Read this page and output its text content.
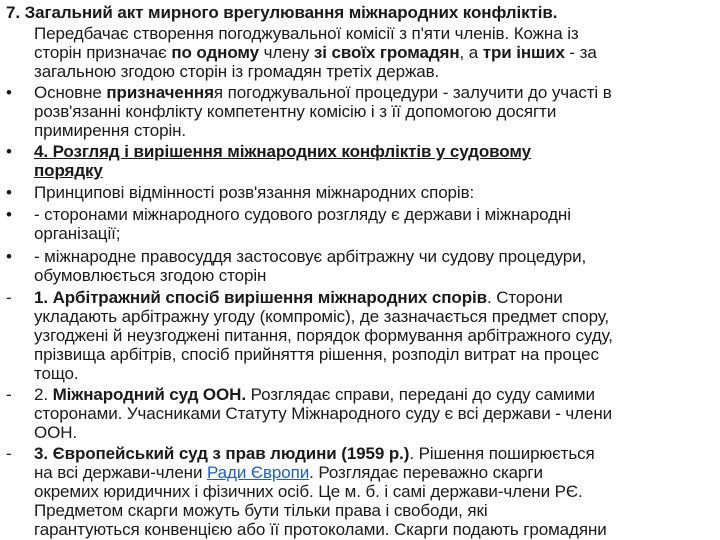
7. Загальний акт мирного врегулювання міжнародних конфліктів.
Передбачає створення погоджувальної комісії з п'яти членів. Кожна із
сторін призначає по одному члену зі своїх громадян, а три інших - за
загальною згодою сторін із громадян третіх держав.
• Основне призначенняя погоджувальної процедури - залучити до участі в
розв'язанні конфлікту компетентну комісію і з її допомогою досягти
примирення сторін.
• 4. Розгляд і вирішення міжнародних конфліктів у судовому
порядку
• Принципові відмінності розв'язання міжнародних спорів:
• - сторонами міжнародного судового розгляду є держави і міжнародні
організації;
• - міжнародне правосуддя застосовує арбітражну чи судову процедури,
обумовлюється згодою сторін
- 1. Арбітражний спосіб вирішення міжнародних спорів. Сторони
укладають арбітражну угоду (компроміс), де зазначається предмет спору,
узгоджені й неузгоджені питання, порядок формування арбітражного суду,
прізвища арбітрів, спосіб прийняття рішення, розподіл витрат на процес
тощо.
- 2. Міжнародний суд ООН. Розглядає справи, передані до суду самими
сторонами. Учасниками Статуту Міжнародного суду є всі держави - члени
ООН.
- 3. Європейський суд з прав людини (1959 р.). Рішення поширюється
на всі держави-члени Ради Європи. Розглядає переважно скарги
окремих юридичних і фізичних осіб. Це м. б. і самі держави-члени РЄ.
Предметом скарги можуть бути тільки права і свободи, які
гарантуються конвенцією або її протоколами. Скарги подають громадяни
